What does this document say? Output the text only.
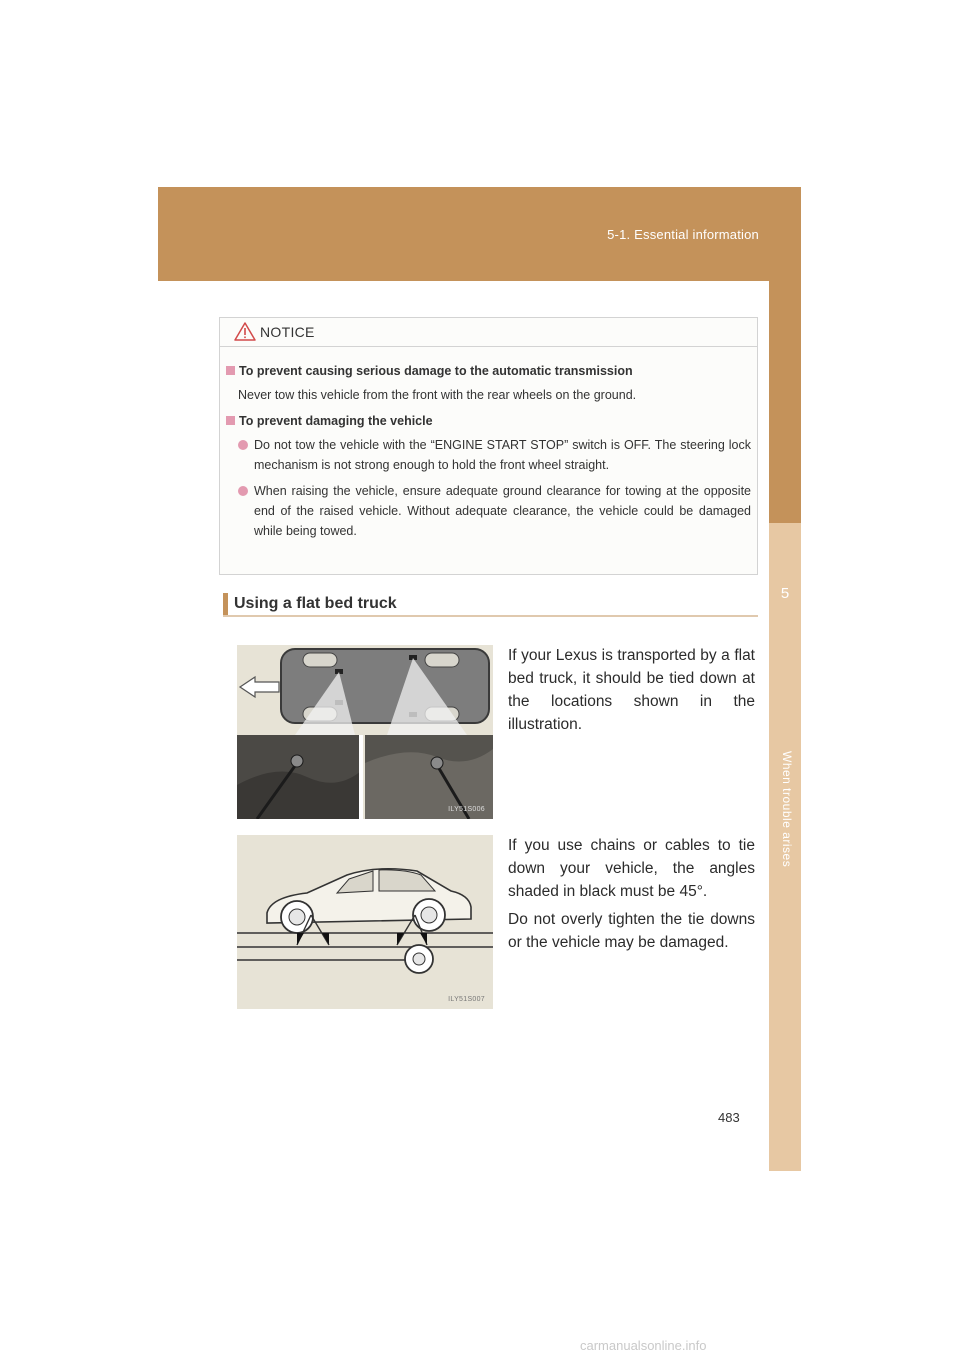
5-1. Essential information
5
When trouble arises
NOTICE

To prevent causing serious damage to the automatic transmission

Never tow this vehicle from the front with the rear wheels on the ground.

To prevent damaging the vehicle

Do not tow the vehicle with the “ENGINE START STOP” switch is OFF. The steering lock mechanism is not strong enough to hold the front wheel straight.

When raising the vehicle, ensure adequate ground clearance for towing at the opposite end of the raised vehicle. Without adequate clearance, the vehicle could be damaged while being towed.

Using a flat bed truck
ILY51S006
If your Lexus is transported by a flat bed truck, it should be tied down at the locations shown in the illustration.
ILY51S007
If you use chains or cables to tie down your vehicle, the angles shaded in black must be 45°.
Do not overly tighten the tie downs or the vehicle may be damaged.
483
carmanualsonline.info
